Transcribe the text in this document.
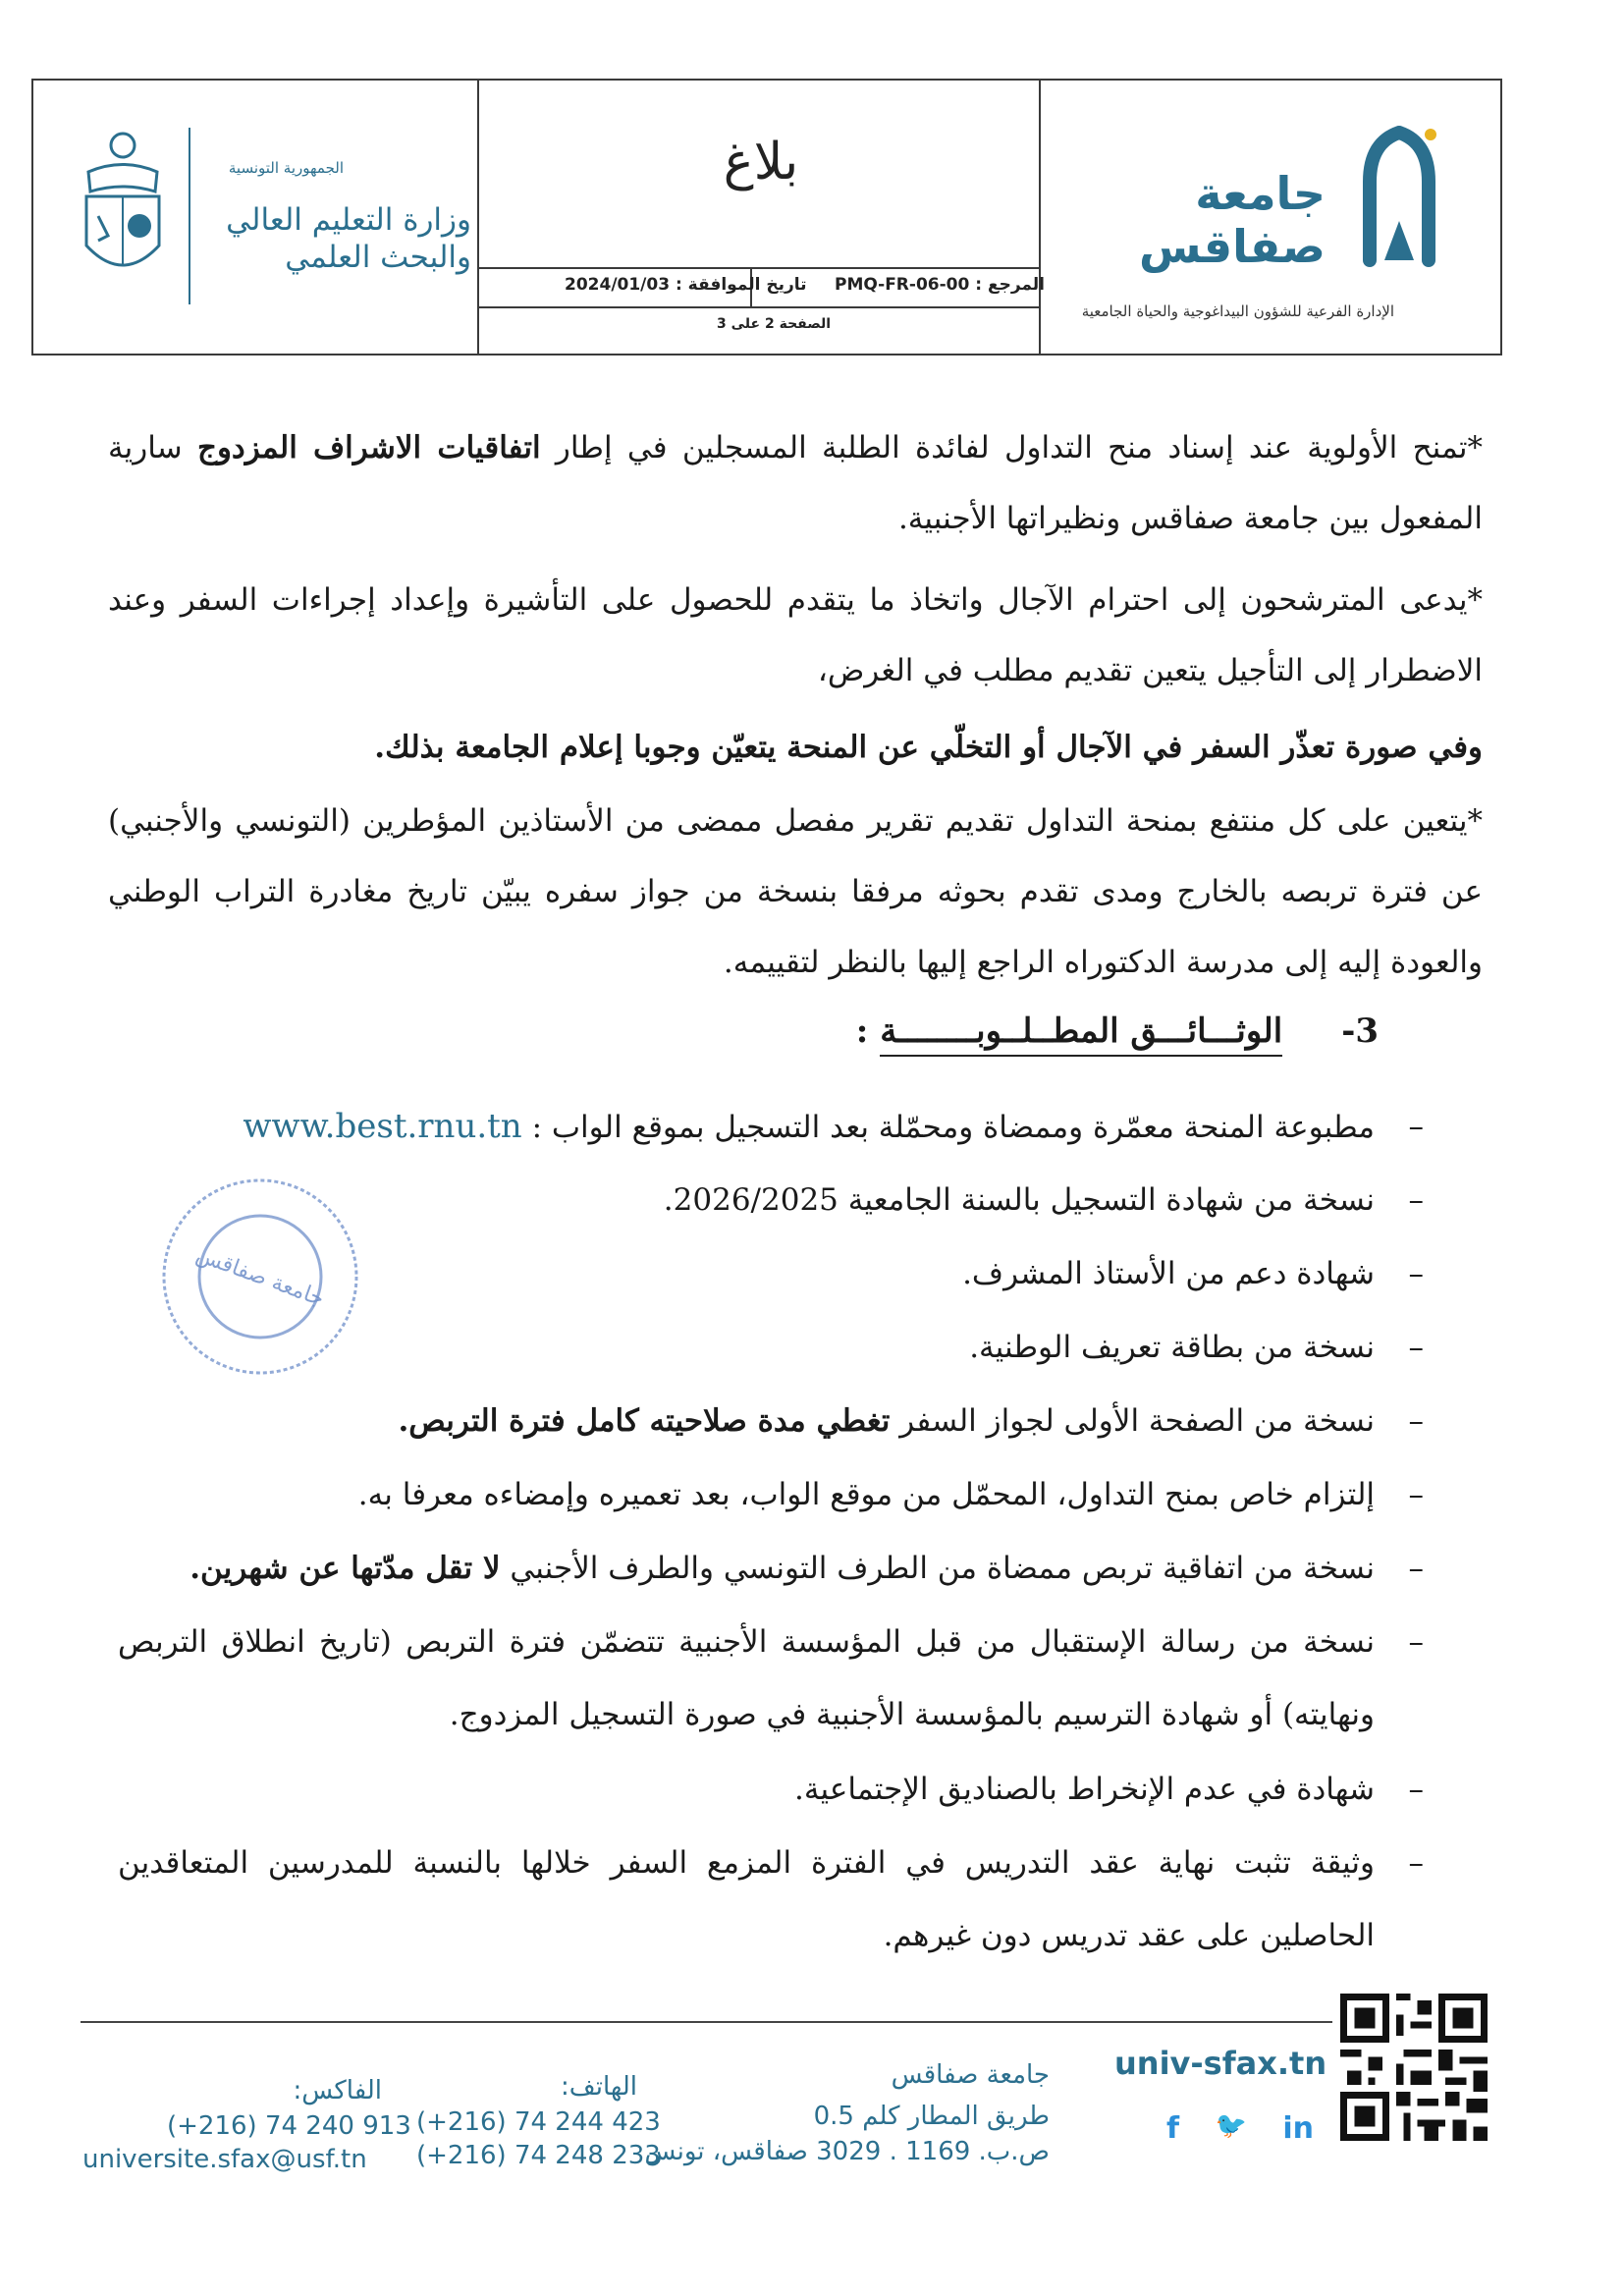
جامعة
صفاقس
الإدارة الفرعية للشؤون البيداغوجية والحياة الجامعية
بلاغ
المرجع : PMQ-FR-06-00
تاريخ الموافقة : 2024/01/03
الصفحة 2 على 3
الجمهورية التونسية
وزارة التعليم العالي
والبحث العلمي
*تمنح الأولوية عند إسناد منح التداول لفائدة الطلبة المسجلين في إطار اتفاقيات الاشراف المزدوج سارية المفعول بين جامعة صفاقس ونظيراتها الأجنبية.
*يدعى المترشحون إلى احترام الآجال واتخاذ ما يتقدم للحصول على التأشيرة وإعداد إجراءات السفر وعند الاضطرار إلى التأجيل يتعين تقديم مطلب في الغرض،
وفي صورة تعذّر السفر في الآجال أو التخلّي عن المنحة يتعيّن وجوبا إعلام الجامعة بذلك.
*يتعين على كل منتفع بمنحة التداول تقديم تقرير مفصل ممضى من الأستاذين المؤطرين (التونسي والأجنبي) عن فترة تربصه بالخارج ومدى تقدم بحوثه مرفقا بنسخة من جواز سفره يبيّن تاريخ مغادرة التراب الوطني والعودة إليه إلى مدرسة الدكتوراه الراجع إليها بالنظر لتقييمه.
3-الوثـــائـــق المطــلــوبــــــــة :
–
مطبوعة المنحة معمّرة وممضاة ومحمّلة بعد التسجيل بموقع الواب : www.best.rnu.tn
–
نسخة من شهادة التسجيل بالسنة الجامعية 2026/2025.
–
شهادة دعم من الأستاذ المشرف.
–
نسخة من بطاقة تعريف الوطنية.
–
نسخة من الصفحة الأولى لجواز السفر تغطي مدة صلاحيته كامل فترة التربص.
–
إلتزام خاص بمنح التداول، المحمّل من موقع الواب، بعد تعميره وإمضاءه معرفا به.
–
نسخة من اتفاقية تربص ممضاة من الطرف التونسي والطرف الأجنبي لا تقل مدّتها عن شهرين.
–
نسخة من رسالة الإستقبال من قبل المؤسسة الأجنبية تتضمّن فترة التربص (تاريخ انطلاق التربص ونهايته) أو شهادة الترسيم بالمؤسسة الأجنبية في صورة التسجيل المزدوج.
–
شهادة في عدم الإنخراط بالصناديق الإجتماعية.
–
وثيقة تثبت نهاية عقد التدريس في الفترة المزمع السفر خلالها بالنسبة للمدرسين المتعاقدين الحاصلين على عقد تدريس دون غيرهم.
جامعة صفاقس
univ-sfax.tn
f 🐦 in
جامعة صفاقس
طريق المطار كلم 0.5
ص.ب. 1169 . 3029 صفاقس، تونس
الهاتف:
(+216) 74 244 423
(+216) 74 248 233
الفاكس:
(+216) 74 240 913
universite.sfax@usf.tn
